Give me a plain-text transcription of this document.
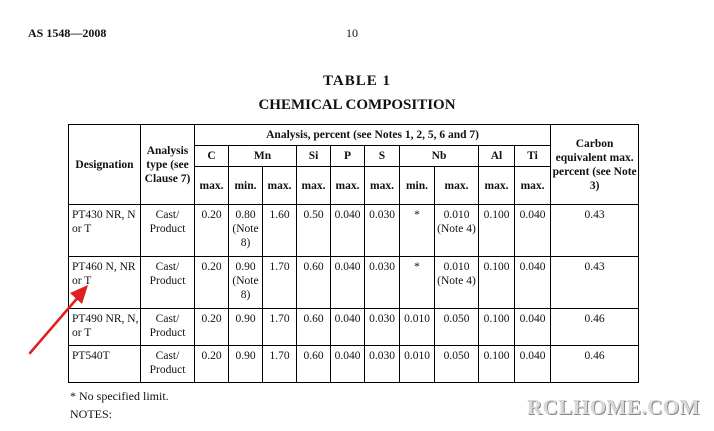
AS 1548—2008	10
TABLE 1
CHEMICAL COMPOSITION
Designation	Analysis type (see Clause 7)	Analysis, percent (see Notes 1, 2, 5, 6 and 7)										Carbon equivalent max. percent (see Note 3)
		C	Mn		Si	P	S	Nb		Al	Ti	
		max.	min.	max.	max.	max.	max.	min.	max.	max.	max.	
PT430 NR, N or T	Cast/ Product	0.20	0.80 (Note 8)	1.60	0.50	0.040	0.030	*	0.010 (Note 4)	0.100	0.040	0.43
PT460 N, NR or T	Cast/ Product	0.20	0.90 (Note 8)	1.70	0.60	0.040	0.030	*	0.010 (Note 4)	0.100	0.040	0.43
PT490 NR, N, or T	Cast/ Product	0.20	0.90	1.70	0.60	0.040	0.030	0.010	0.050	0.100	0.040	0.46
PT540T	Cast/ Product	0.20	0.90	1.70	0.60	0.040	0.030	0.010	0.050	0.100	0.040	0.46
* No specified limit.
NOTES:	RCLHOME.COM
